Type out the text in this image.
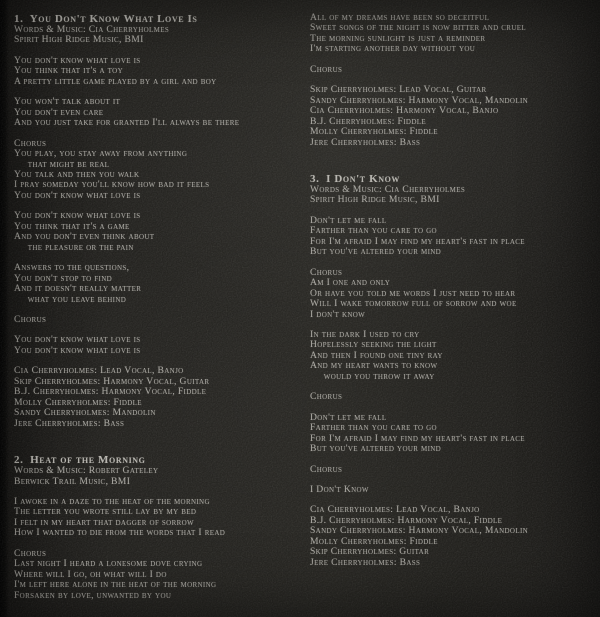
1.  You Don't Know What Love Is
Words & Music: Cia Cherryholmes
Spirit High Ridge Music, BMI
You don't know what love is
You think that it's a toy
A pretty little game played by a girl and boy
You won't talk about it
You don't even care
And you just take for granted I'll always be there
Chorus
You play, you stay away from anything
that might be real
You talk and then you walk
I pray someday you'll know how bad it feels
You don't know what love is
You don't know what love is
You think that it's a game
And you don't even think about
the pleasure or the pain
Answers to the questions,
You don't stop to find
And it doesn't really matter
what you leave behind
Chorus
You don't know what love is
You don't know what love is
Cia Cherryholmes: Lead Vocal, Banjo
Skip Cherryholmes: Harmony Vocal, Guitar
B.J. Cherryholmes: Harmony Vocal, Fiddle
Molly Cherryholmes: Fiddle
Sandy Cherryholmes: Mandolin
Jere Cherryholmes: Bass
2.  Heat of the Morning
Words & Music: Robert Gateley
Berwick Trail Music, BMI
I awoke in a daze to the heat of the morning
The letter you wrote still lay by my bed
I felt in my heart that dagger of sorrow
How I wanted to die from the words that I read
Chorus
Last night I heard a lonesome dove crying
Where will I go, oh what will I do
I'm left here alone in the heat of the morning
Forsaken by love, unwanted by you
All of my dreams have been so deceitful
Sweet songs of the night is now bitter and cruel
The morning sunlight is just a reminder
I'm starting another day without you
Chorus
Skip Cherryholmes: Lead Vocal, Guitar
Sandy Cherryholmes: Harmony Vocal, Mandolin
Cia Cherryholmes: Harmony Vocal, Banjo
B.J. Cherryholmes: Fiddle
Molly Cherryholmes: Fiddle
Jere Cherryholmes: Bass
3.  I Don't Know
Words & Music: Cia Cherryholmes
Spirit High Ridge Music, BMI
Don't let me fall
Farther than you care to go
For I'm afraid I may find my heart's fast in place
But you've altered your mind
Chorus
Am I one and only
Or have you told me words I just need to hear
Will I wake tomorrow full of sorrow and woe
I don't know
In the dark I used to cry
Hopelessly seeking the light
And then I found one tiny ray
And my heart wants to know
would you throw it away
Chorus
Don't let me fall
Farther than you care to go
For I'm afraid I may find my heart's fast in place
But you've altered your mind
Chorus
I Don't Know
Cia Cherryholmes: Lead Vocal, Banjo
B.J. Cherryholmes: Harmony Vocal, Fiddle
Sandy Cherryholmes: Harmony Vocal, Mandolin
Molly Cherryholmes: Fiddle
Skip Cherryholmes: Guitar
Jere Cherryholmes: Bass
